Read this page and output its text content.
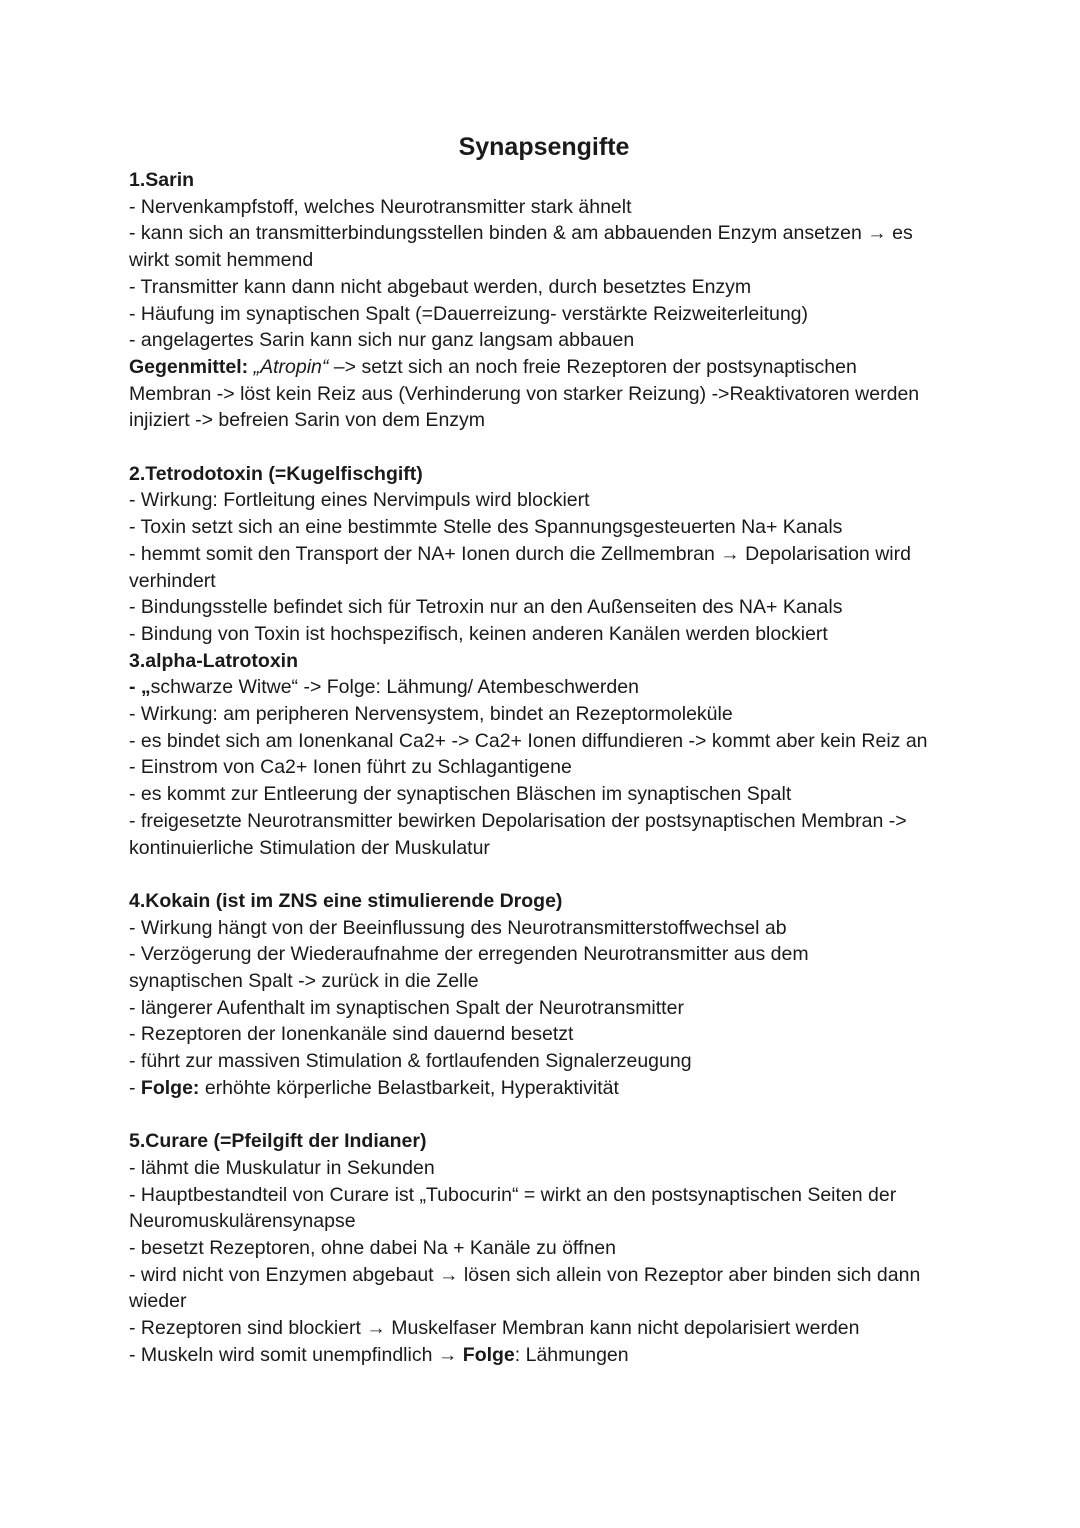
Synapsengifte

1.Sarin

- Nervenkampfstoff, welches Neurotransmitter stark ähnelt

- kann sich an transmitterbindungsstellen binden & am abbauenden Enzym ansetzen → es

wirkt somit hemmend

- Transmitter kann dann nicht abgebaut werden, durch besetztes Enzym

- Häufung im synaptischen Spalt (=Dauerreizung- verstärkte Reizweiterleitung)

- angelagertes Sarin kann sich nur ganz langsam abbauen

Gegenmittel: „Atropin“ –> setzt sich an noch freie Rezeptoren der postsynaptischen

Membran -> löst kein Reiz aus (Verhinderung von starker Reizung) ->Reaktivatoren werden

injiziert -> befreien Sarin von dem Enzym

2.Tetrodotoxin (=Kugelfischgift)

- Wirkung: Fortleitung eines Nervimpuls wird blockiert

- Toxin setzt sich an eine bestimmte Stelle des Spannungsgesteuerten Na+ Kanals

- hemmt somit den Transport der NA+ Ionen durch die Zellmembran → Depolarisation wird

verhindert

- Bindungsstelle befindet sich für Tetroxin nur an den Außenseiten des NA+ Kanals

- Bindung von Toxin ist hochspezifisch, keinen anderen Kanälen werden blockiert

3.alpha-Latrotoxin

- „schwarze Witwe“ -> Folge: Lähmung/ Atembeschwerden

- Wirkung: am peripheren Nervensystem, bindet an Rezeptormoleküle

- es bindet sich am Ionenkanal Ca2+ -> Ca2+ Ionen diffundieren -> kommt aber kein Reiz an

- Einstrom von Ca2+ Ionen führt zu Schlagantigene

- es kommt zur Entleerung der synaptischen Bläschen im synaptischen Spalt

- freigesetzte Neurotransmitter bewirken Depolarisation der postsynaptischen Membran ->

kontinuierliche Stimulation der Muskulatur

4.Kokain (ist im ZNS eine stimulierende Droge)

- Wirkung hängt von der Beeinflussung des Neurotransmitterstoffwechsel ab

- Verzögerung der Wiederaufnahme der erregenden Neurotransmitter aus dem

synaptischen Spalt -> zurück in die Zelle

- längerer Aufenthalt im synaptischen Spalt der Neurotransmitter

- Rezeptoren der Ionenkanäle sind dauernd besetzt

- führt zur massiven Stimulation & fortlaufenden Signalerzeugung

- Folge: erhöhte körperliche Belastbarkeit, Hyperaktivität

5.Curare (=Pfeilgift der Indianer)

- lähmt die Muskulatur in Sekunden

- Hauptbestandteil von Curare ist „Tubocurin“ = wirkt an den postsynaptischen Seiten der

Neuromuskulärensynapse

- besetzt Rezeptoren, ohne dabei Na + Kanäle zu öffnen

- wird nicht von Enzymen abgebaut → lösen sich allein von Rezeptor aber binden sich dann

wieder

- Rezeptoren sind blockiert → Muskelfaser Membran kann nicht depolarisiert werden

- Muskeln wird somit unempfindlich → Folge: Lähmungen
